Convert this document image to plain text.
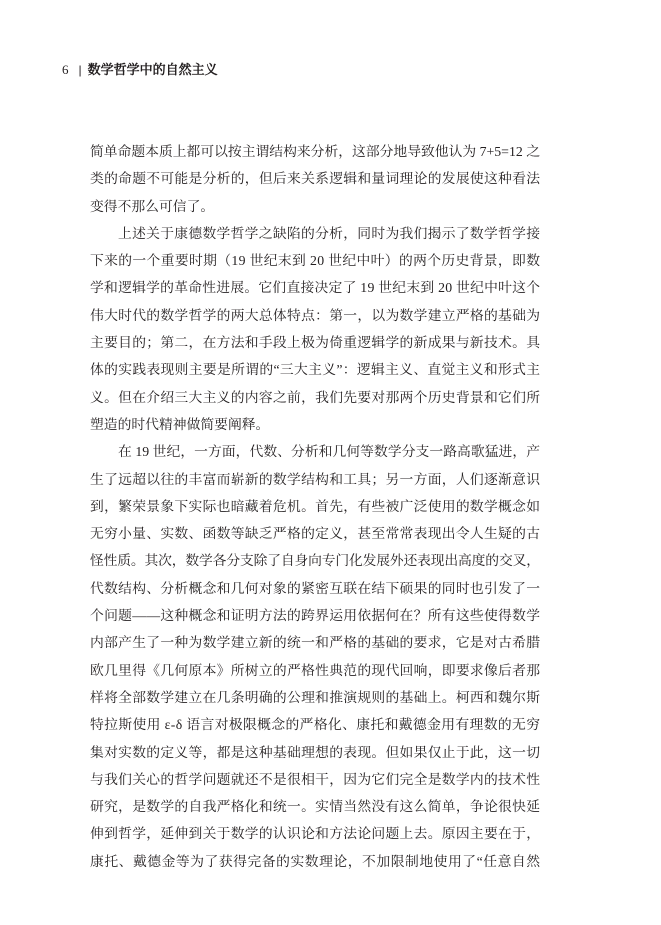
6 | 数学哲学中的自然主义
简单命题本质上都可以按主谓结构来分析，这部分地导致他认为 7+5=12 之
类的命题不可能是分析的，但后来关系逻辑和量词理论的发展使这种看法
变得不那么可信了。
上述关于康德数学哲学之缺陷的分析，同时为我们揭示了数学哲学接
下来的一个重要时期（19 世纪末到 20 世纪中叶）的两个历史背景，即数
学和逻辑学的革命性进展。它们直接决定了 19 世纪末到 20 世纪中叶这个
伟大时代的数学哲学的两大总体特点：第一，以为数学建立严格的基础为
主要目的；第二，在方法和手段上极为倚重逻辑学的新成果与新技术。具
体的实践表现则主要是所谓的“三大主义”：逻辑主义、直觉主义和形式主
义。但在介绍三大主义的内容之前，我们先要对那两个历史背景和它们所
塑造的时代精神做简要阐释。
在 19 世纪，一方面，代数、分析和几何等数学分支一路高歌猛进，产
生了远超以往的丰富而崭新的数学结构和工具；另一方面，人们逐渐意识
到，繁荣景象下实际也暗藏着危机。首先，有些被广泛使用的数学概念如
无穷小量、实数、函数等缺乏严格的定义，甚至常常表现出令人生疑的古
怪性质。其次，数学各分支除了自身向专门化发展外还表现出高度的交叉，
代数结构、分析概念和几何对象的紧密互联在结下硕果的同时也引发了一
个问题——这种概念和证明方法的跨界运用依据何在？所有这些使得数学
内部产生了一种为数学建立新的统一和严格的基础的要求，它是对古希腊
欧几里得《几何原本》所树立的严格性典范的现代回响，即要求像后者那
样将全部数学建立在几条明确的公理和推演规则的基础上。柯西和魏尔斯
特拉斯使用 ε-δ 语言对极限概念的严格化、康托和戴德金用有理数的无穷
集对实数的定义等，都是这种基础理想的表现。但如果仅止于此，这一切
与我们关心的哲学问题就还不是很相干，因为它们完全是数学内的技术性
研究，是数学的自我严格化和统一。实情当然没有这么简单，争论很快延
伸到哲学，延伸到关于数学的认识论和方法论问题上去。原因主要在于，
康托、戴德金等为了获得完备的实数理论，不加限制地使用了“任意自然
